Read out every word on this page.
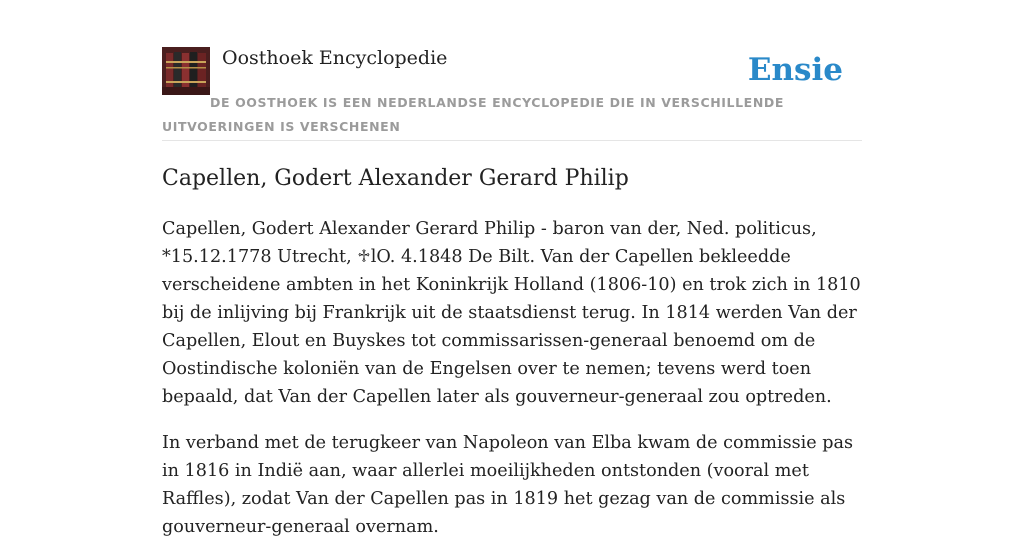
Oosthoek Encyclopedie	Ensie
DE OOSTHOEK IS EEN NEDERLANDSE ENCYCLOPEDIE DIE IN VERSCHILLENDE UITVOERINGEN IS VERSCHENEN
Capellen, Godert Alexander Gerard Philip

Capellen, Godert Alexander Gerard Philip - baron van der, Ned. politicus, *15.12.1778 Utrecht, ♱lO. 4.1848 De Bilt. Van der Capellen bekleedde verscheidene ambten in het Koninkrijk Holland (1806-10) en trok zich in 1810 bij de inlijving bij Frankrijk uit de staatsdienst terug. In 1814 werden Van der Capellen, Elout en Buyskes tot commissarissen-generaal benoemd om de Oostindische koloniën van de Engelsen over te nemen; tevens werd toen bepaald, dat Van der Capellen later als gouverneur-generaal zou optreden.

In verband met de terugkeer van Napoleon van Elba kwam de commissie pas in 1816 in Indië aan, waar allerlei moeilijkheden ontstonden (vooral met Raffles), zodat Van der Capellen pas in 1819 het gezag van de commissie als gouverneur-generaal overnam.
